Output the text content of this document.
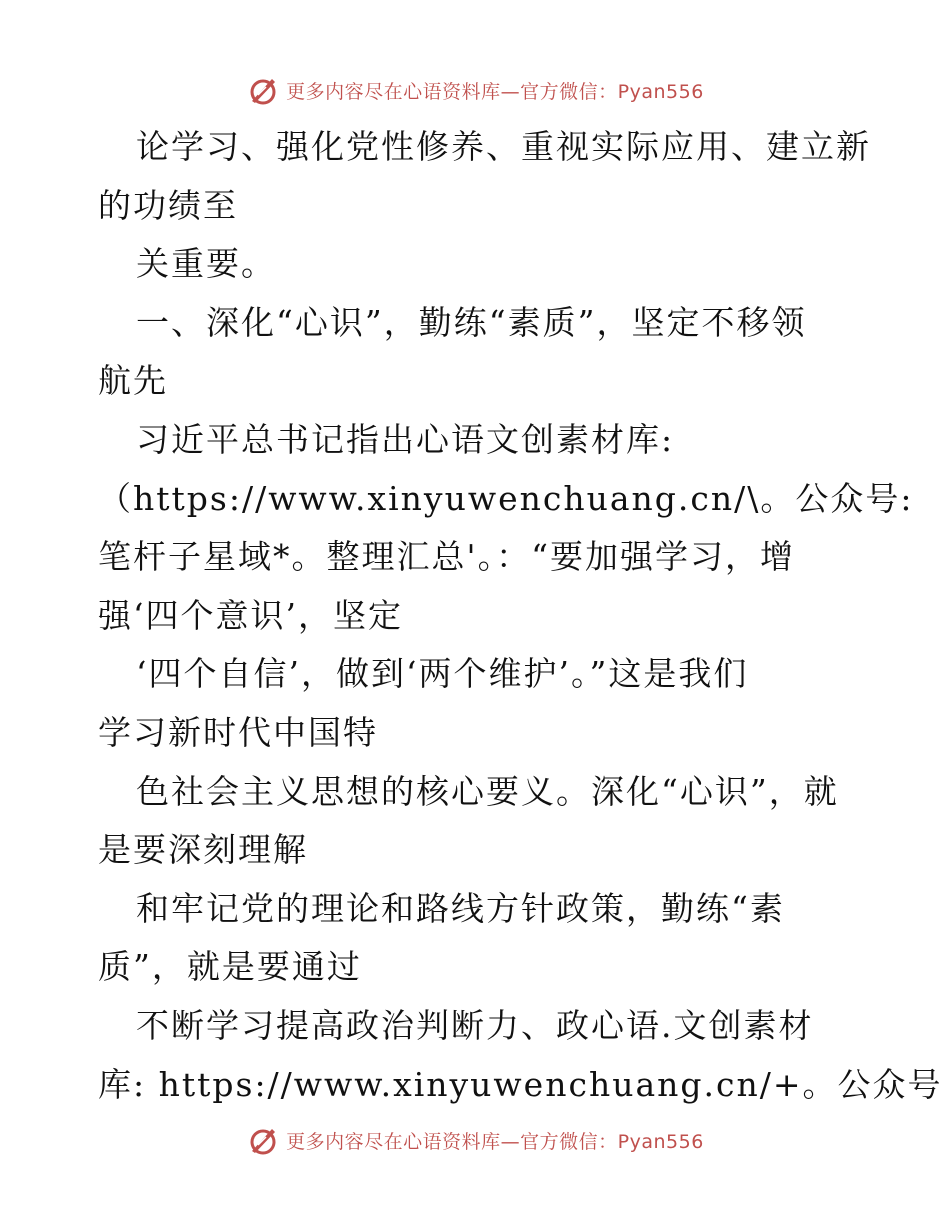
更多内容尽在心语资料库—官方微信：Pyan556
论学习、强化党性修养、重视实际应用、建立新
的功绩至
关重要。
一、深化“心识”，勤练“素质”，坚定不移领
航先
习近平总书记指出心语文创素材库:
（https://www.xinyuwenchuang.cn/\。公众号:
笔杆子星域*。整理汇总'。：“要加强学习，增
强‘四个意识’，坚定
‘四个自信’，做到‘两个维护’。”这是我们
学习新时代中国特
色社会主义思想的核心要义。深化“心识”，就
是要深刻理解
和牢记党的理论和路线方针政策，勤练“素
质”，就是要通过
不断学习提高政治判断力、政心语.文创素材
库: https://www.xinyuwenchuang.cn/+。公众号
更多内容尽在心语资料库—官方微信：Pyan556
